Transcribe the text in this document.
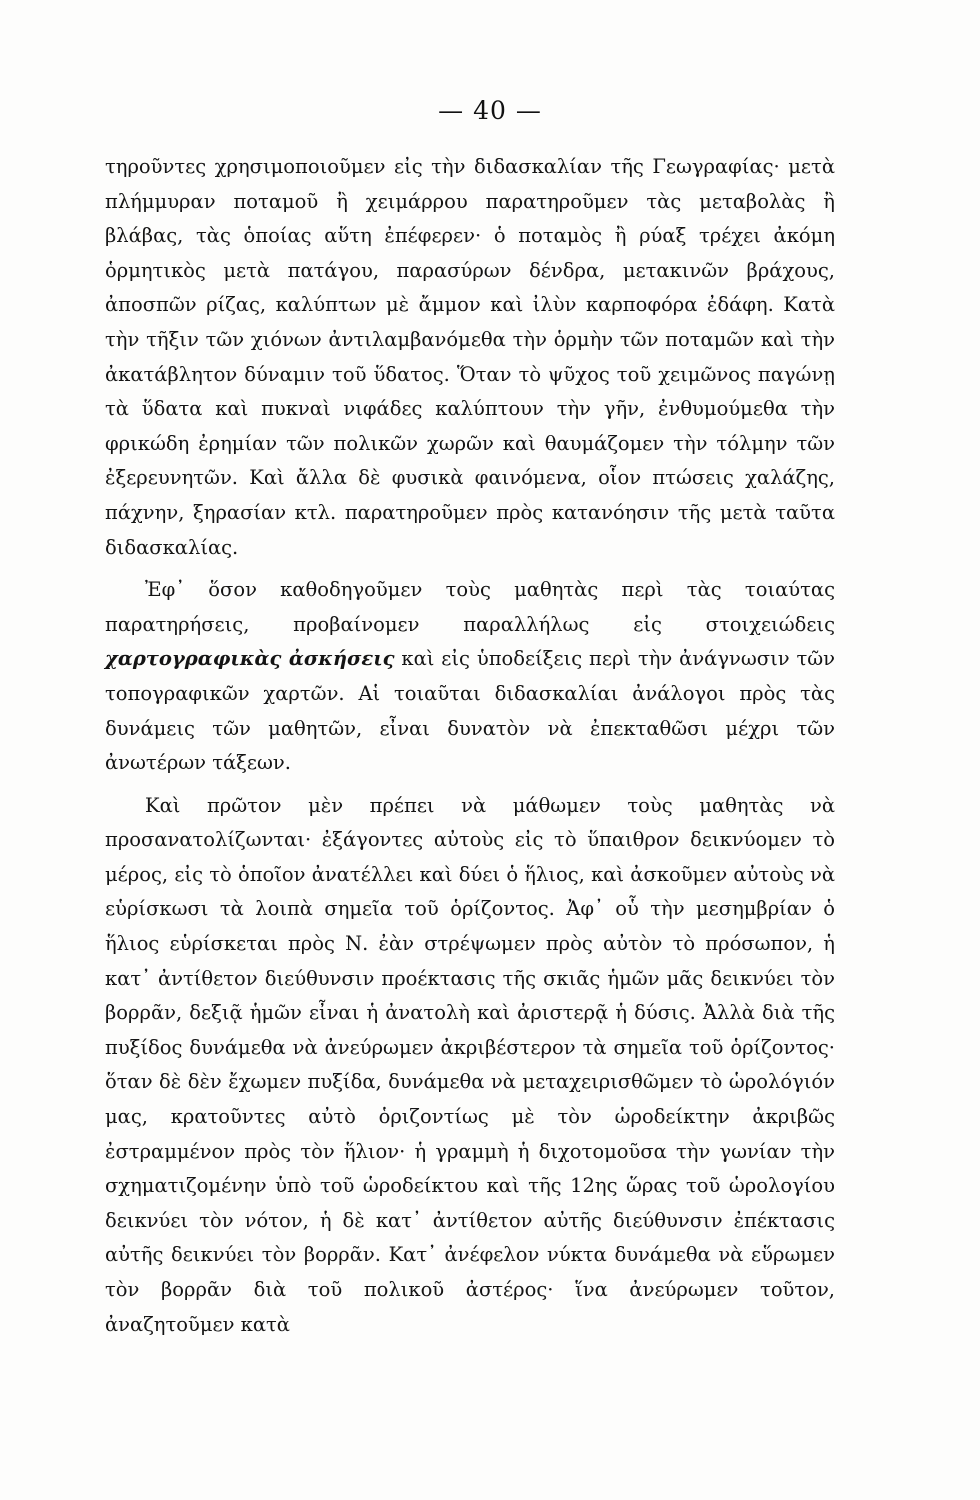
— 40 —

τηροῦντες χρησιμοποιοῦμεν εἰς τὴν διδασκαλίαν τῆς Γεωγραφίας· μετὰ πλήμμυραν ποταμοῦ ἢ χειμάρρου παρατηροῦμεν τὰς μεταβολὰς ἢ βλάβας, τὰς ὁποίας αὕτη ἐπέφερεν· ὁ ποταμὸς ἢ ρύαξ τρέχει ἀκόμη ὁρμητικὸς μετὰ πατάγου, παρασύρων δένδρα, μετακινῶν βράχους, ἀποσπῶν ρίζας, καλύπτων μὲ ἄμμον καὶ ἰλὺν καρποφόρα ἐδάφη. Κατὰ τὴν τῆξιν τῶν χιόνων ἀντιλαμβανόμεθα τὴν ὁρμὴν τῶν ποταμῶν καὶ τὴν ἀκατάβλητον δύναμιν τοῦ ὕδατος. Ὅταν τὸ ψῦχος τοῦ χειμῶνος παγώνῃ τὰ ὕδατα καὶ πυκναὶ νιφάδες καλύπτουν τὴν γῆν, ἐνθυμούμεθα τὴν φρικώδη ἐρημίαν τῶν πολικῶν χωρῶν καὶ θαυμάζομεν τὴν τόλμην τῶν ἐξερευνητῶν. Καὶ ἄλλα δὲ φυσικὰ φαινόμενα, οἷον πτώσεις χαλάζης, πάχνην, ξηρασίαν κτλ. παρατηροῦμεν πρὸς κατανόησιν τῆς μετὰ ταῦτα διδασκαλίας.

Ἐφ᾽ ὅσον καθοδηγοῦμεν τοὺς μαθητὰς περὶ τὰς τοιαύτας παρατηρήσεις, προβαίνομεν παραλλήλως εἰς στοιχειώδεις χαρτογραφικὰς ἀσκήσεις καὶ εἰς ὑποδείξεις περὶ τὴν ἀνάγνωσιν τῶν τοπογραφικῶν χαρτῶν. Αἱ τοιαῦται διδασκαλίαι ἀνάλογοι πρὸς τὰς δυνάμεις τῶν μαθητῶν, εἶναι δυνατὸν νὰ ἐπεκταθῶσι μέχρι τῶν ἀνωτέρων τάξεων.

Καὶ πρῶτον μὲν πρέπει νὰ μάθωμεν τοὺς μαθητὰς νὰ προσανατολίζωνται· ἐξάγοντες αὐτοὺς εἰς τὸ ὕπαιθρον δεικνύομεν τὸ μέρος, εἰς τὸ ὁποῖον ἀνατέλλει καὶ δύει ὁ ἥλιος, καὶ ἀσκοῦμεν αὐτοὺς νὰ εὑρίσκωσι τὰ λοιπὰ σημεῖα τοῦ ὁρίζοντος. Ἀφ᾽ οὗ τὴν μεσημβρίαν ὁ ἥλιος εὑρίσκεται πρὸς Ν. ἐὰν στρέψωμεν πρὸς αὐτὸν τὸ πρόσωπον, ἡ κατ᾽ ἀντίθετον διεύθυνσιν προέκτασις τῆς σκιᾶς ἡμῶν μᾶς δεικνύει τὸν βορρᾶν, δεξιᾷ ἡμῶν εἶναι ἡ ἀνατολὴ καὶ ἀριστερᾷ ἡ δύσις. Ἀλλὰ διὰ τῆς πυξίδος δυνάμεθα νὰ ἀνεύρωμεν ἀκριβέστερον τὰ σημεῖα τοῦ ὁρίζοντος· ὅταν δὲ δὲν ἔχωμεν πυξίδα, δυνάμεθα νὰ μεταχειρισθῶμεν τὸ ὡρολόγιόν μας, κρατοῦντες αὐτὸ ὁριζοντίως μὲ τὸν ὡροδείκτην ἀκριβῶς ἐστραμμένον πρὸς τὸν ἥλιον· ἡ γραμμὴ ἡ διχοτομοῦσα τὴν γωνίαν τὴν σχηματιζομένην ὑπὸ τοῦ ὡροδείκτου καὶ τῆς 12ης ὥρας τοῦ ὡρολογίου δεικνύει τὸν νότον, ἡ δὲ κατ᾽ ἀντίθετον αὐτῆς διεύθυνσιν ἐπέκτασις αὐτῆς δεικνύει τὸν βορρᾶν. Κατ᾽ ἀνέφελον νύκτα δυνάμεθα νὰ εὕρωμεν τὸν βορρᾶν διὰ τοῦ πολικοῦ ἀστέρος· ἵνα ἀνεύρωμεν τοῦτον, ἀναζητοῦμεν κατὰ
